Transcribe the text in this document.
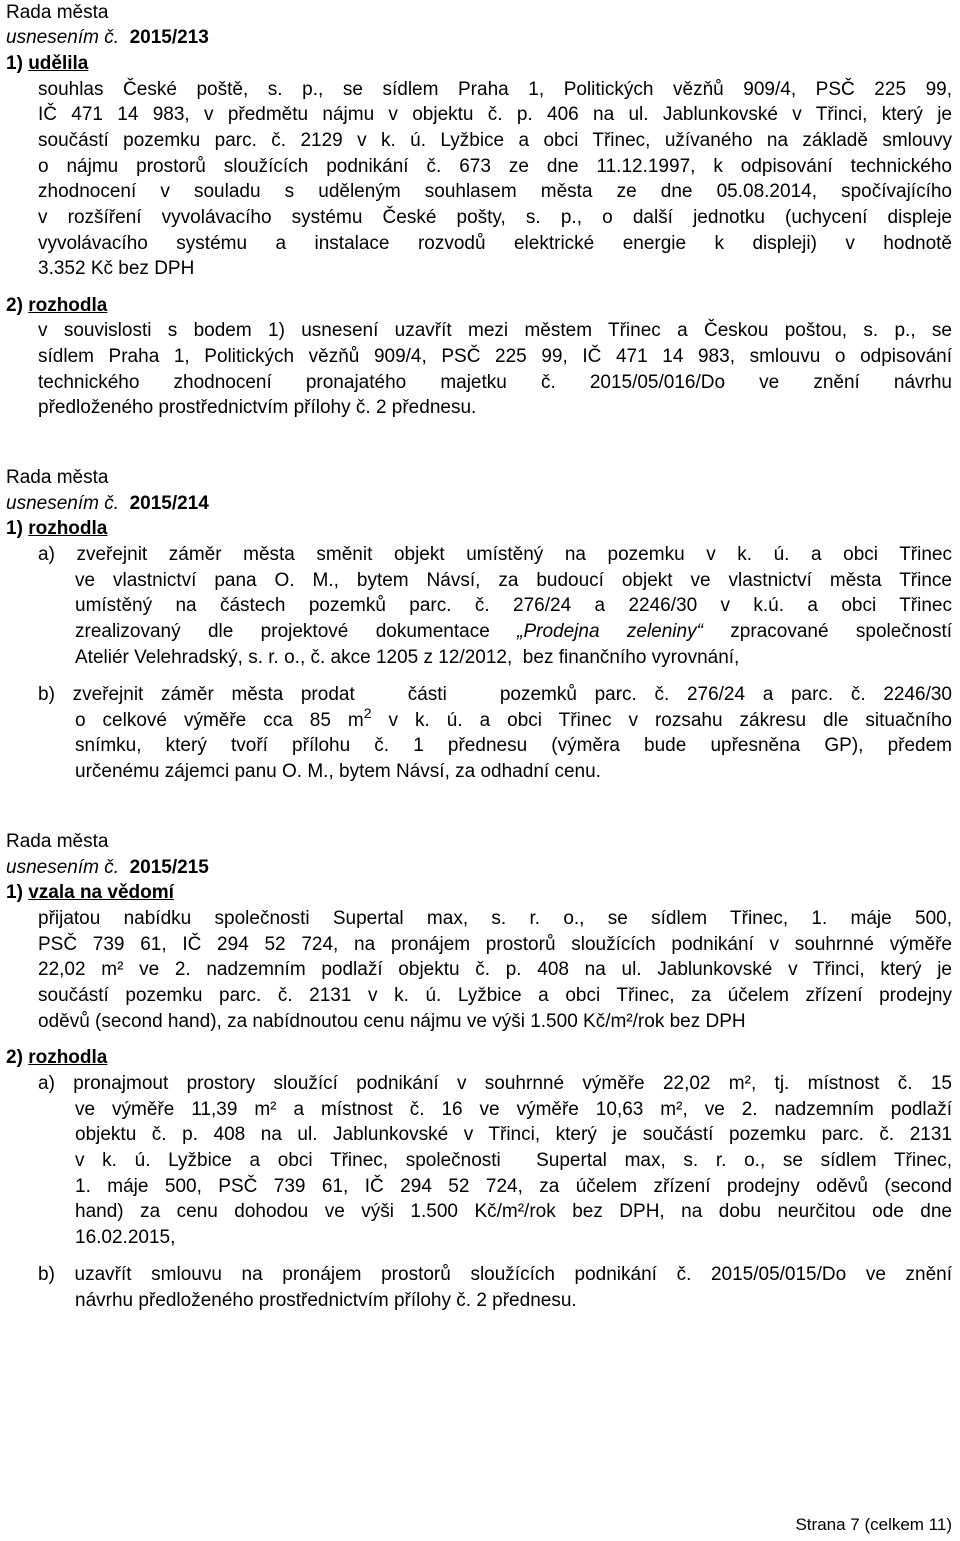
Rada města
usnesením č. 2015/213
1) udělila
souhlas České poště, s. p., se sídlem Praha 1, Politických vězňů 909/4, PSČ 225 99,
IČ 471 14 983, v předmětu nájmu v objektu č. p. 406 na ul. Jablunkovské v Třinci, který je
součástí pozemku parc. č. 2129 v k. ú. Lyžbice a obci Třinec, užívaného na základě smlouvy
o nájmu prostorů sloužících podnikání č. 673 ze dne 11.12.1997, k odpisování technického
zhodnocení v souladu s uděleným souhlasem města ze dne 05.08.2014, spočívajícího
v rozšíření vyvolávacího systému České pošty, s. p., o další jednotku (uchycení displeje
vyvolávacího systému a instalace rozvodů elektrické energie k displeji) v hodnotě
3.352 Kč bez DPH
2) rozhodla
v souvislosti s bodem 1) usnesení uzavřít mezi městem Třinec a Českou poštou, s. p., se
sídlem Praha 1, Politických vězňů 909/4, PSČ 225 99, IČ 471 14 983, smlouvu o odpisování
technického zhodnocení pronajatého majetku č. 2015/05/016/Do ve znění návrhu
předloženého prostřednictvím přílohy č. 2 přednesu.
Rada města
usnesením č. 2015/214
1) rozhodla
a) zveřejnit záměr města směnit objekt umístěný na pozemku v k. ú. a obci Třinec
ve vlastnictví pana O. M., bytem Návsí, za budoucí objekt ve vlastnictví města Třince
umístěný na částech pozemků parc. č. 276/24 a 2246/30 v k.ú. a obci Třinec
zrealizovaný dle projektové dokumentace „Prodejna zeleniny“ zpracované společností
Ateliér Velehradský, s. r. o., č. akce 1205 z 12/2012,  bez finančního vyrovnání,
b) zveřejnit záměr města prodat   části   pozemků parc. č. 276/24 a parc. č. 2246/30
o celkové výměře cca 85 $m^2$ v k. ú. a obci Třinec v rozsahu zákresu dle situačního
snímku, který tvoří přílohu č. 1 přednesu (výměra bude upřesněna GP), předem
určenému zájemci panu O. M., bytem Návsí, za odhadní cenu.
Rada města
usnesením č. 2015/215
1) vzala na vědomí
přijatou nabídku společnosti Supertal max, s. r. o., se sídlem Třinec, 1. máje 500,
PSČ 739 61, IČ 294 52 724, na pronájem prostorů sloužících podnikání v souhrnné výměře
22,02 m² ve 2. nadzemním podlaží objektu č. p. 408 na ul. Jablunkovské v Třinci, který je
součástí pozemku parc. č. 2131 v k. ú. Lyžbice a obci Třinec, za účelem zřízení prodejny
oděvů (second hand), za nabídnoutou cenu nájmu ve výši 1.500 Kč/m²/rok bez DPH
2) rozhodla
a) pronajmout prostory sloužící podnikání v souhrnné výměře 22,02 m², tj. místnost č. 15
ve výměře 11,39 m² a místnost č. 16 ve výměře 10,63 m², ve 2. nadzemním podlaží
objektu č. p. 408 na ul. Jablunkovské v Třinci, který je součástí pozemku parc. č. 2131
v k. ú. Lyžbice a obci Třinec, společnosti  Supertal max, s. r. o., se sídlem Třinec,
1. máje 500, PSČ 739 61, IČ 294 52 724, za účelem zřízení prodejny oděvů (second
hand) za cenu dohodou ve výši 1.500 Kč/m²/rok bez DPH, na dobu neurčitou ode dne
16.02.2015,
b) uzavřít smlouvu na pronájem prostorů sloužících podnikání č. 2015/05/015/Do ve znění
návrhu předloženého prostřednictvím přílohy č. 2 přednesu.
Strana 7 (celkem 11)
